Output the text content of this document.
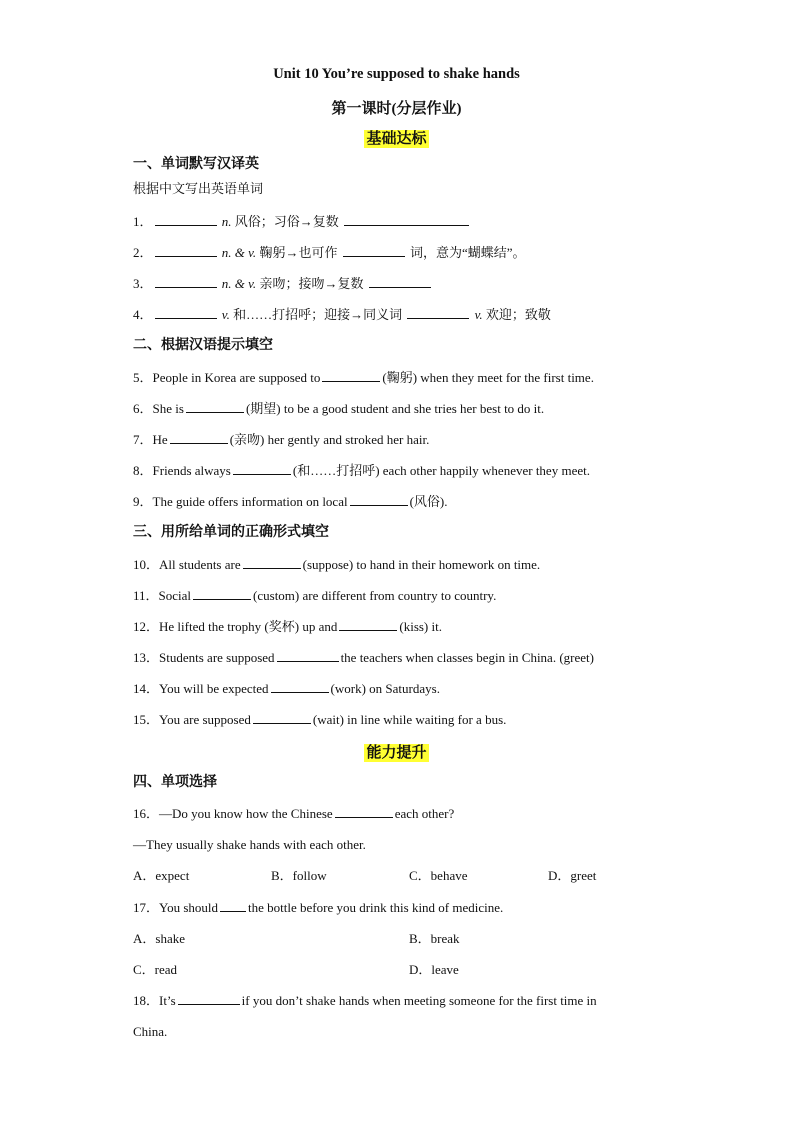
Unit 10 You’re supposed to shake hands
第一课时(分层作业)
基础达标
一、单词默写汉译英
根据中文写出英语单词
1．	n. 风俗；习俗→复数
2．	n. & v. 鞠躬→也可作	词，意为“蝴蝶结”。
3．	n. & v. 亲吻；接吻→复数
4．	v. 和……打招呼；迎接→同义词	v. 欢迎；致敬
二、根据汉语提示填空
5．People in Korea are supposed to	(鞠躬) when they meet for the first time.
6．She is	(期望) to be a good student and she tries her best to do it.
7．He	(亲吻) her gently and stroked her hair.
8．Friends always	(和……打招呼) each other happily whenever they meet.
9．The guide offers information on local	(风俗).
三、用所给单词的正确形式填空
10．All students are	(suppose) to hand in their homework on time.
11．Social	(custom) are different from country to country.
12．He lifted the trophy (奖杯) up and	(kiss) it.
13．Students are supposed	the teachers when classes begin in China. (greet)
14．You will be expected	(work) on Saturdays.
15．You are supposed	(wait) in line while waiting for a bus.
能力提升
四、单项选择
16．—Do you know how the Chinese	each other?
—They usually shake hands with each other.
A．expect	B．follow	C．behave	D．greet
17．You should the bottle before you drink this kind of medicine.
A．shake	B．break
C．read	D．leave
18．It’s	if you don’t shake hands when meeting someone for the first time in
China.
